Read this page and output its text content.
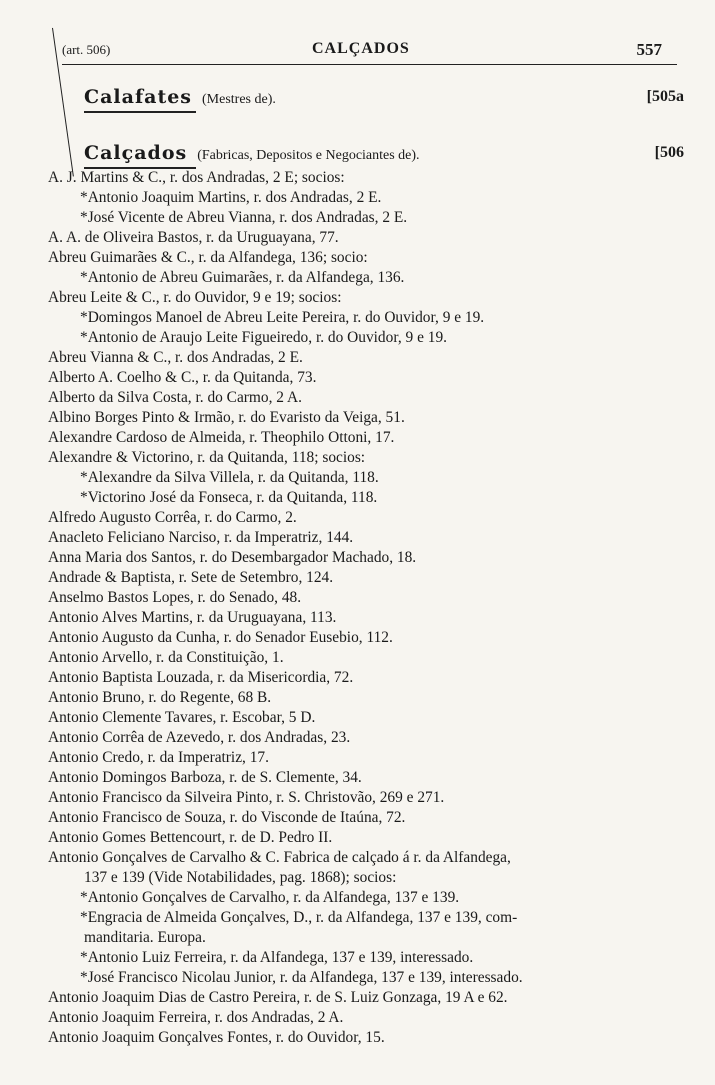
(art. 506)	CALÇADOS	557
Calafates (Mestres de).	[505a
Calçados (Fabricas, Depositos e Negociantes de).	[506
A. J. Martins & C., r. dos Andradas, 2 E; socios:
*Antonio Joaquim Martins, r. dos Andradas, 2 E.
*José Vicente de Abreu Vianna, r. dos Andradas, 2 E.
A. A. de Oliveira Bastos, r. da Uruguayana, 77.
Abreu Guimarães & C., r. da Alfandega, 136; socio:
*Antonio de Abreu Guimarães, r. da Alfandega, 136.
Abreu Leite & C., r. do Ouvidor, 9 e 19; socios:
*Domingos Manoel de Abreu Leite Pereira, r. do Ouvidor, 9 e 19.
*Antonio de Araujo Leite Figueiredo, r. do Ouvidor, 9 e 19.
Abreu Vianna & C., r. dos Andradas, 2 E.
Alberto A. Coelho & C., r. da Quitanda, 73.
Alberto da Silva Costa, r. do Carmo, 2 A.
Albino Borges Pinto & Irmão, r. do Evaristo da Veiga, 51.
Alexandre Cardoso de Almeida, r. Theophilo Ottoni, 17.
Alexandre & Victorino, r. da Quitanda, 118; socios:
*Alexandre da Silva Villela, r. da Quitanda, 118.
*Victorino José da Fonseca, r. da Quitanda, 118.
Alfredo Augusto Corrêa, r. do Carmo, 2.
Anacleto Feliciano Narciso, r. da Imperatriz, 144.
Anna Maria dos Santos, r. do Desembargador Machado, 18.
Andrade & Baptista, r. Sete de Setembro, 124.
Anselmo Bastos Lopes, r. do Senado, 48.
Antonio Alves Martins, r. da Uruguayana, 113.
Antonio Augusto da Cunha, r. do Senador Eusebio, 112.
Antonio Arvello, r. da Constituição, 1.
Antonio Baptista Louzada, r. da Misericordia, 72.
Antonio Bruno, r. do Regente, 68 B.
Antonio Clemente Tavares, r. Escobar, 5 D.
Antonio Corrêa de Azevedo, r. dos Andradas, 23.
Antonio Credo, r. da Imperatriz, 17.
Antonio Domingos Barboza, r. de S. Clemente, 34.
Antonio Francisco da Silveira Pinto, r. S. Christovão, 269 e 271.
Antonio Francisco de Souza, r. do Visconde de Itaúna, 72.
Antonio Gomes Bettencourt, r. de D. Pedro II.
Antonio Gonçalves de Carvalho & C. Fabrica de calçado á r. da Alfandega,
137 e 139 (Vide Notabilidades, pag. 1868); socios:
*Antonio Gonçalves de Carvalho, r. da Alfandega, 137 e 139.
*Engracia de Almeida Gonçalves, D., r. da Alfandega, 137 e 139, com-
manditaria. Europa.
*Antonio Luiz Ferreira, r. da Alfandega, 137 e 139, interessado.
*José Francisco Nicolau Junior, r. da Alfandega, 137 e 139, interessado.
Antonio Joaquim Dias de Castro Pereira, r. de S. Luiz Gonzaga, 19 A e 62.
Antonio Joaquim Ferreira, r. dos Andradas, 2 A.
Antonio Joaquim Gonçalves Fontes, r. do Ouvidor, 15.
